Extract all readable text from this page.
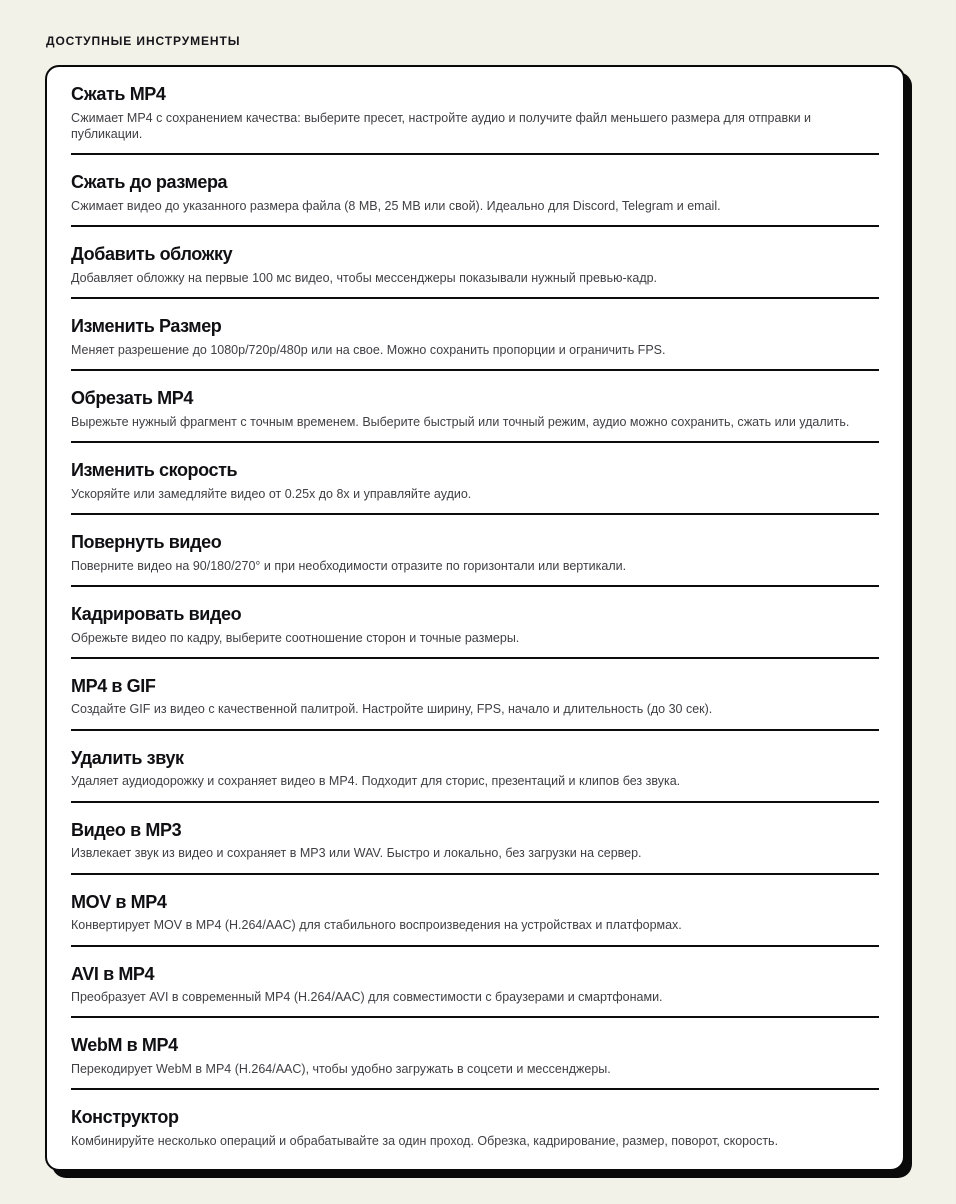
ДОСТУПНЫЕ ИНСТРУМЕНТЫ
Сжать MP4

Сжимает MP4 с сохранением качества: выберите пресет, настройте аудио и получите файл меньшего размера для отправки и публикации.

Сжать до размера

Сжимает видео до указанного размера файла (8 MB, 25 MB или свой). Идеально для Discord, Telegram и email.

Добавить обложку

Добавляет обложку на первые 100 мс видео, чтобы мессенджеры показывали нужный превью-кадр.

Изменить Размер

Меняет разрешение до 1080p/720p/480p или на свое. Можно сохранить пропорции и ограничить FPS.

Обрезать MP4

Вырежьте нужный фрагмент с точным временем. Выберите быстрый или точный режим, аудио можно сохранить, сжать или удалить.

Изменить скорость

Ускоряйте или замедляйте видео от 0.25x до 8x и управляйте аудио.

Повернуть видео

Поверните видео на 90/180/270° и при необходимости отразите по горизонтали или вертикали.

Кадрировать видео

Обрежьте видео по кадру, выберите соотношение сторон и точные размеры.

MP4 в GIF

Создайте GIF из видео с качественной палитрой. Настройте ширину, FPS, начало и длительность (до 30 сек).

Удалить звук

Удаляет аудиодорожку и сохраняет видео в MP4. Подходит для сторис, презентаций и клипов без звука.

Видео в MP3

Извлекает звук из видео и сохраняет в MP3 или WAV. Быстро и локально, без загрузки на сервер.

MOV в MP4

Конвертирует MOV в MP4 (H.264/AAC) для стабильного воспроизведения на устройствах и платформах.

AVI в MP4

Преобразует AVI в современный MP4 (H.264/AAC) для совместимости с браузерами и смартфонами.

WebM в MP4

Перекодирует WebM в MP4 (H.264/AAC), чтобы удобно загружать в соцсети и мессенджеры.

Конструктор

Комбинируйте несколько операций и обрабатывайте за один проход. Обрезка, кадрирование, размер, поворот, скорость.
